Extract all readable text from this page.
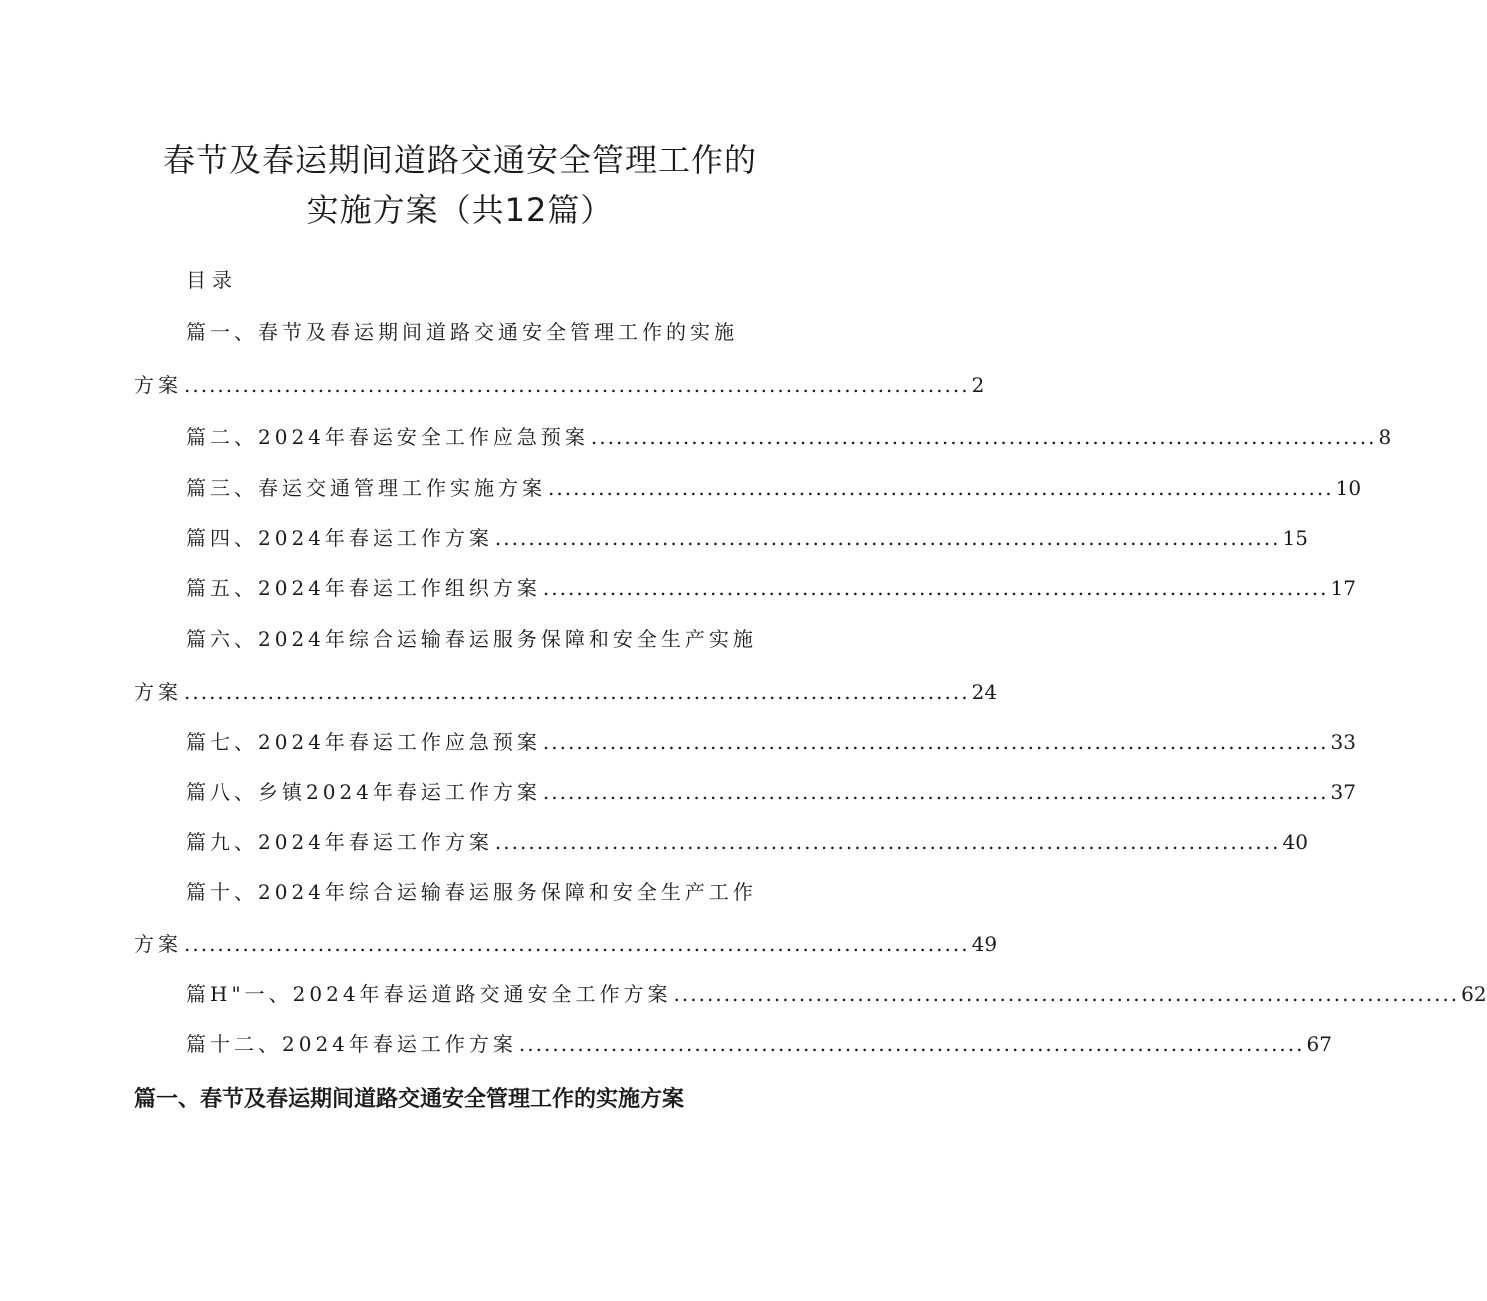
春节及春运期间道路交通安全管理工作的
实施方案（共12篇）
目录
篇一、春节及春运期间道路交通安全管理工作的实施
方案 .............................................................................................. 2
篇二、2024年春运安全工作应急预案 .............................................................................................. 8
篇三、春运交通管理工作实施方案 .............................................................................................. 10
篇四、2024年春运工作方案 .............................................................................................. 15
篇五、2024年春运工作组织方案 .............................................................................................. 17
篇六、2024年综合运输春运服务保障和安全生产实施
方案 .............................................................................................. 24
篇七、2024年春运工作应急预案 .............................................................................................. 33
篇八、乡镇2024年春运工作方案 .............................................................................................. 37
篇九、2024年春运工作方案 .............................................................................................. 40
篇十、2024年综合运输春运服务保障和安全生产工作
方案 .............................................................................................. 49
篇H"一、2024年春运道路交通安全工作方案 .............................................................................................. 62
篇十二、2024年春运工作方案 .............................................................................................. 67
篇一、春节及春运期间道路交通安全管理工作的实施方案
